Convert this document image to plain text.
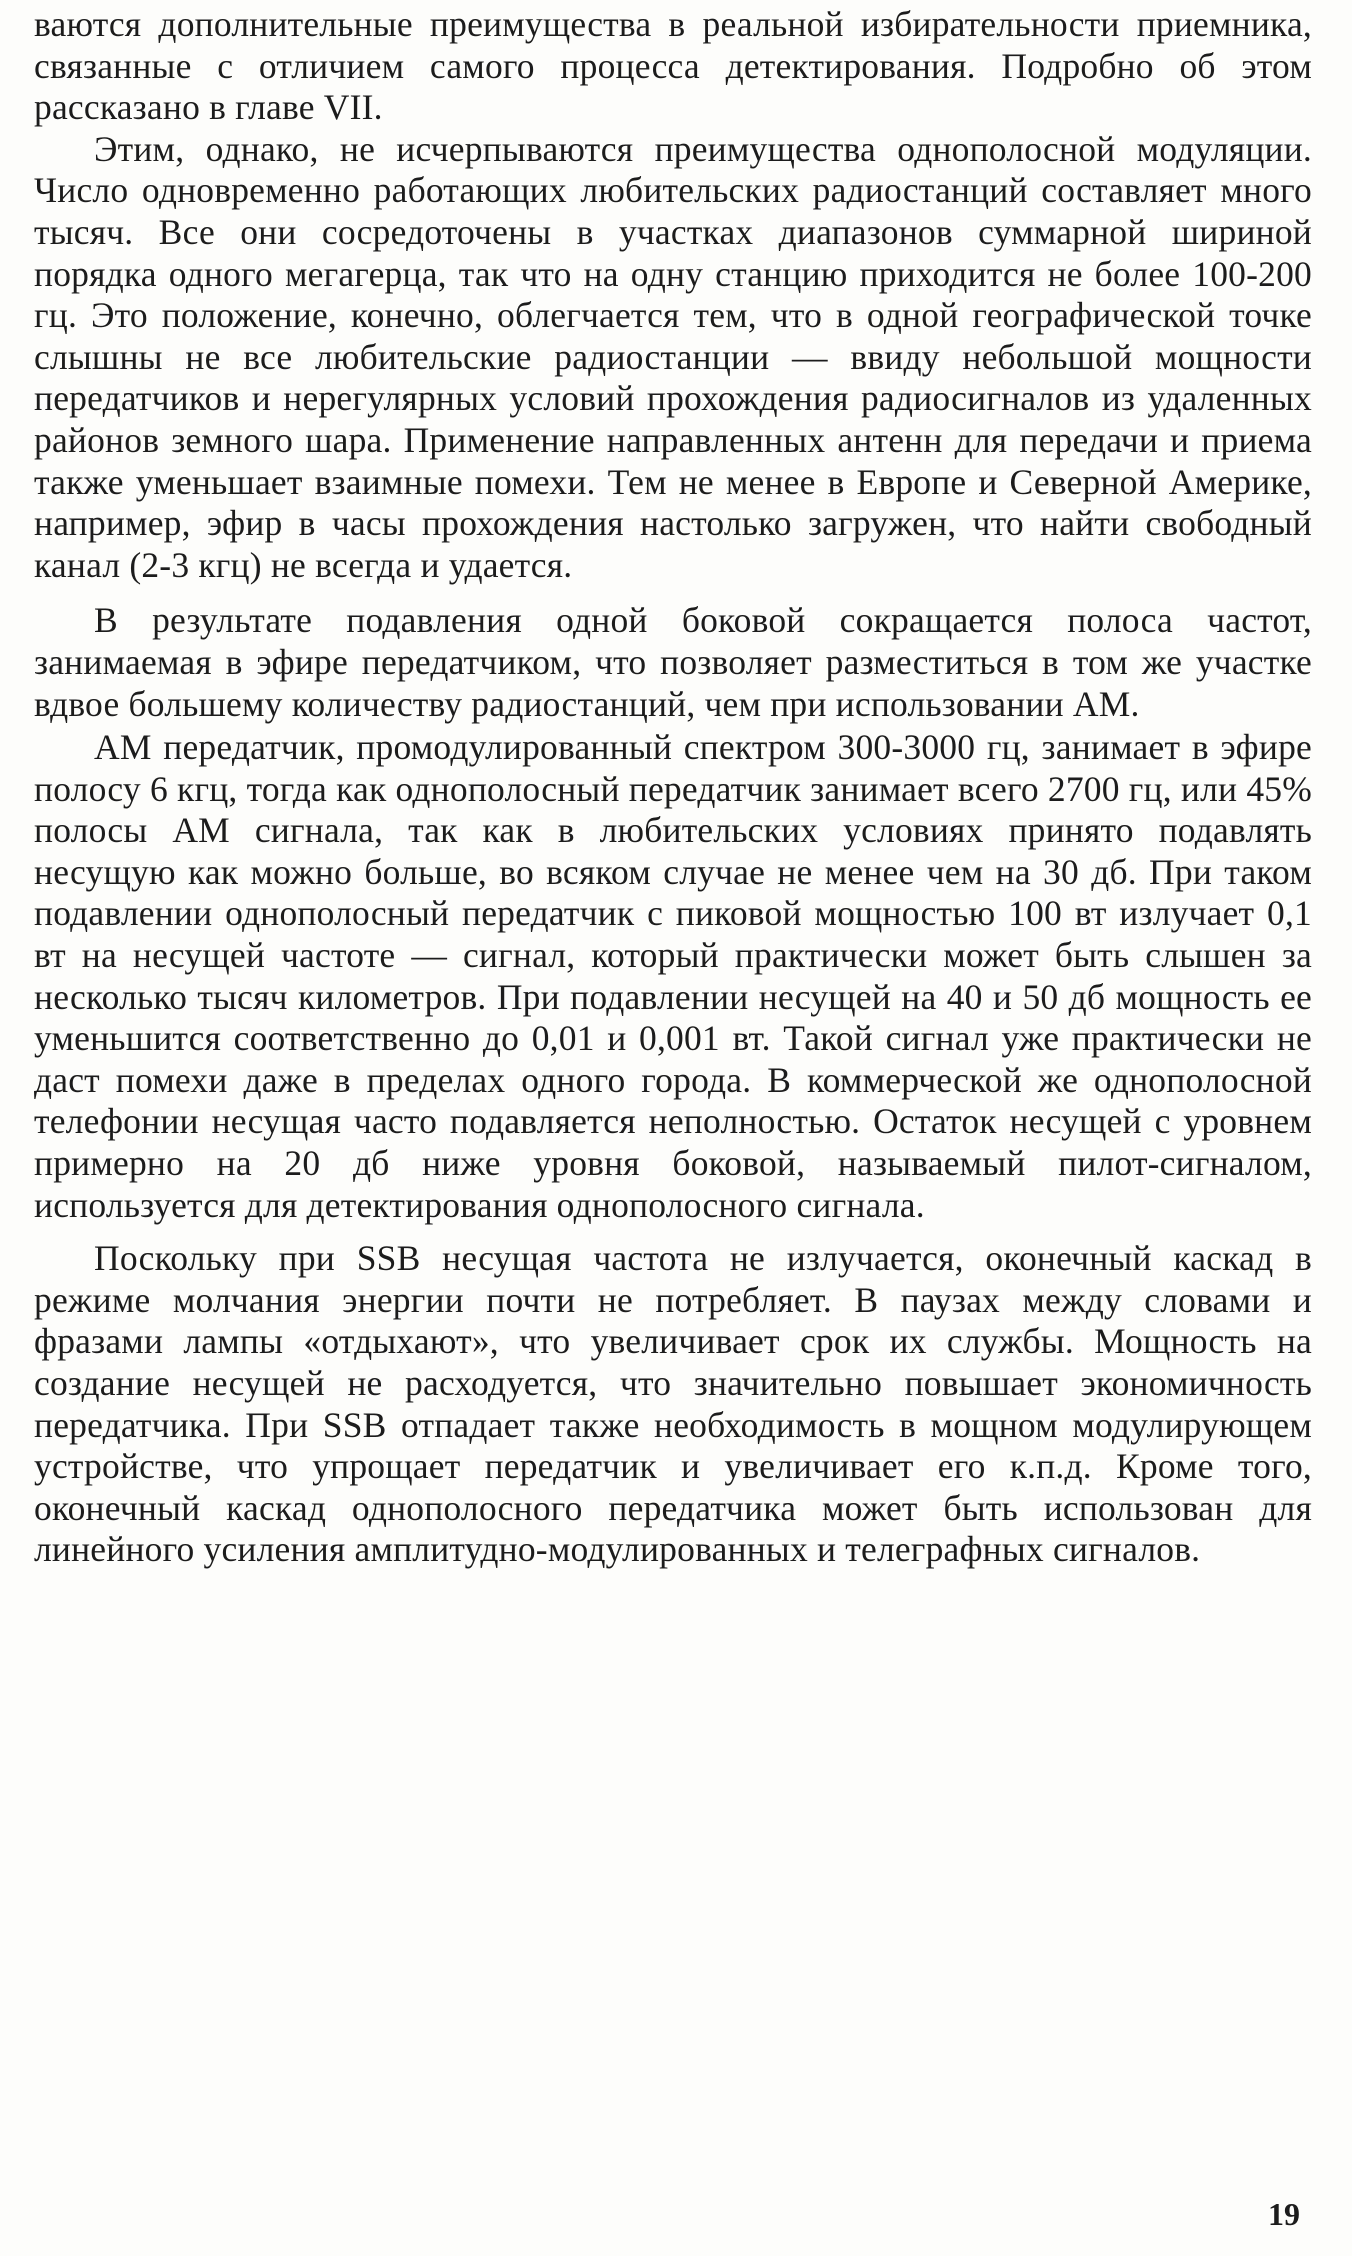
ваются дополнительные преимущества в реальной избирательности приемника, связанные с отличием самого процесса детектирования. Подробно об этом рассказано в главе VII.

Этим, однако, не исчерпываются преимущества однополосной модуляции. Число одновременно работающих любительских радиостанций составляет много тысяч. Все они сосредоточены в участках диапазонов суммарной шириной порядка одного мегагерца, так что на одну станцию приходится не более 100-200 гц. Это положение, конечно, облегчается тем, что в одной географической точке слышны не все любительские радиостанции — ввиду небольшой мощности передатчиков и нерегулярных условий прохождения радиосигналов из удаленных районов земного шара. Применение направленных антенн для передачи и приема также уменьшает взаимные помехи. Тем не менее в Европе и Северной Америке, например, эфир в часы прохождения настолько загружен, что найти свободный канал (2-3 кгц) не всегда и удается.

В результате подавления одной боковой сокращается полоса частот, занимаемая в эфире передатчиком, что позволяет разместиться в том же участке вдвое большему количеству радиостанций, чем при использовании АМ.

АМ передатчик, промодулированный спектром 300-3000 гц, занимает в эфире полосу 6 кгц, тогда как однополосный передатчик занимает всего 2700 гц, или 45% полосы АМ сигнала, так как в любительских условиях принято подавлять несущую как можно больше, во всяком случае не менее чем на 30 дб. При таком подавлении однополосный передатчик с пиковой мощностью 100 вт излучает 0,1 вт на несущей частоте — сигнал, который практически может быть слышен за несколько тысяч километров. При подавлении несущей на 40 и 50 дб мощность ее уменьшится соответственно до 0,01 и 0,001 вт. Такой сигнал уже практически не даст помехи даже в пределах одного города. В коммерческой же однополосной телефонии несущая часто подавляется неполностью. Остаток несущей с уровнем примерно на 20 дб ниже уровня боковой, называемый пилот-сигналом, используется для детектирования однополосного сигнала.

Поскольку при SSB несущая частота не излучается, оконечный каскад в режиме молчания энергии почти не потребляет. В паузах между словами и фразами лампы «отдыхают», что увеличивает срок их службы. Мощность на создание несущей не расходуется, что значительно повышает экономичность передатчика. При SSB отпадает также необходимость в мощном модулирующем устройстве, что упрощает передатчик и увеличивает его к.п.д. Кроме того, оконечный каскад однополосного передатчика может быть использован для линейного усиления амплитудно-модулированных и телеграфных сигналов.

19
